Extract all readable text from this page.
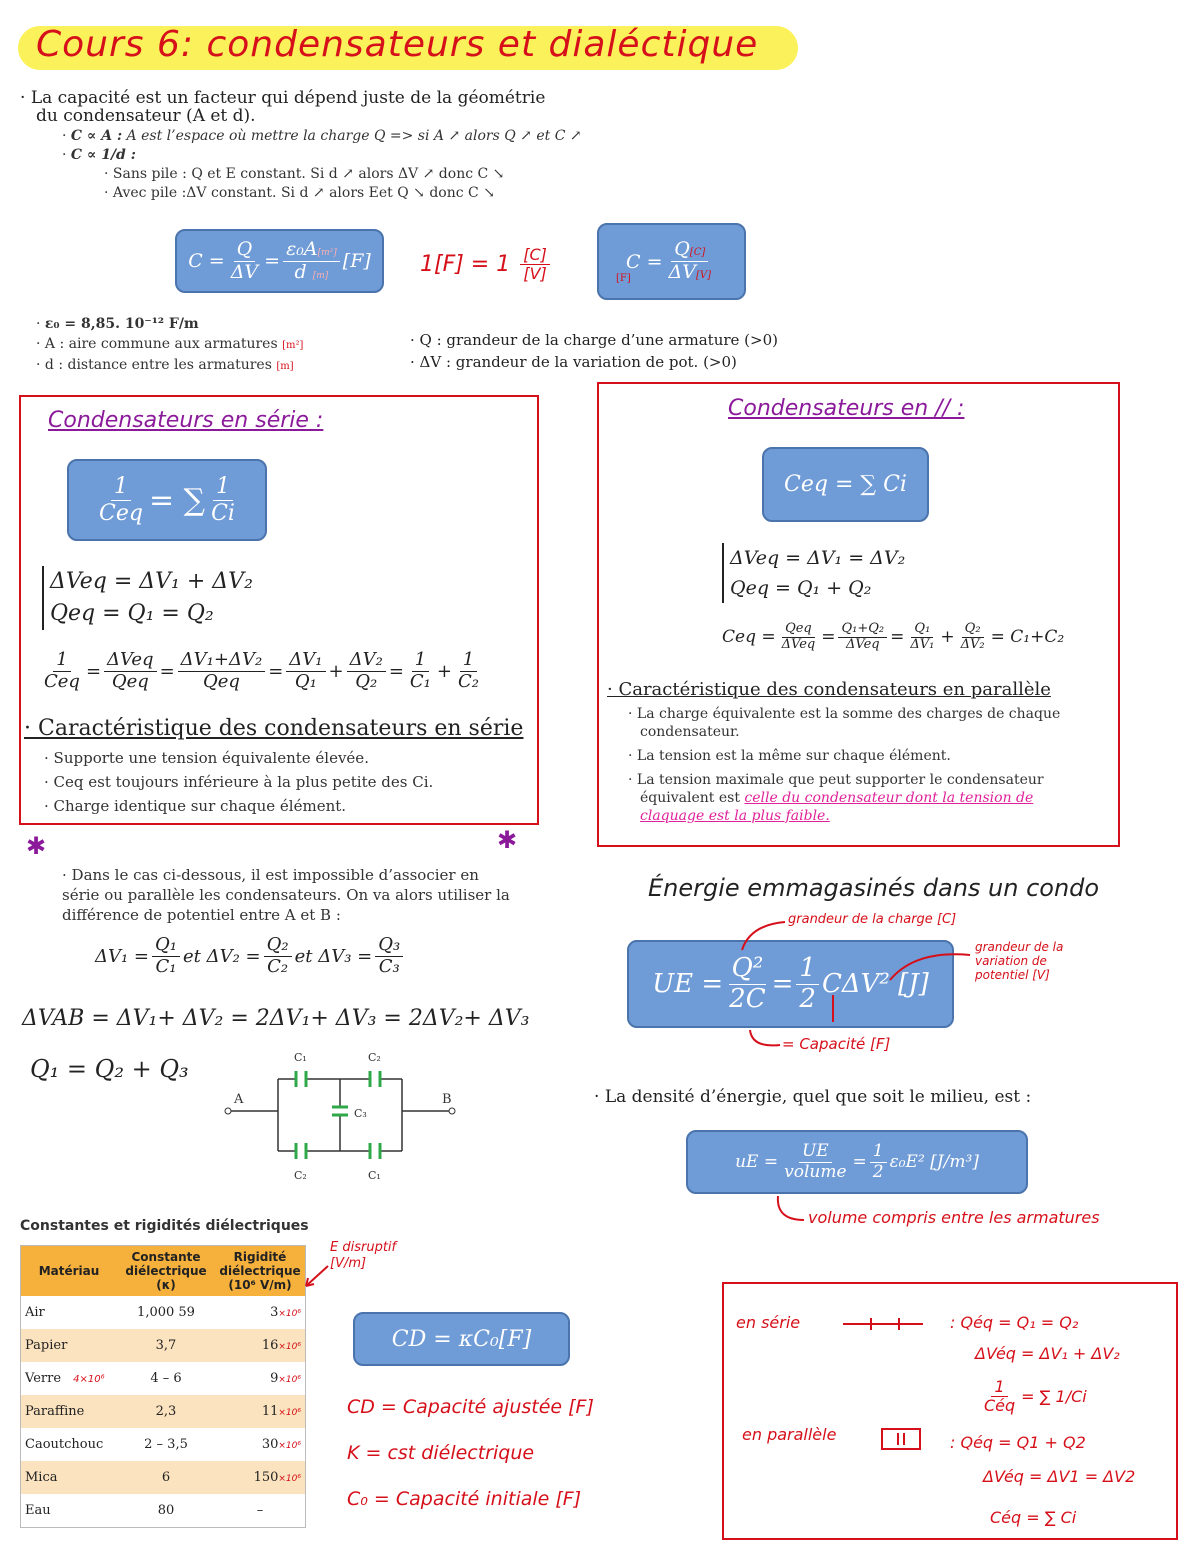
Cours 6: condensateurs et dialéctique
· La capacité est un facteur qui dépend juste de la géométrie
du condensateur (A et d).
· C ∝ A : A est l’espace où mettre la charge Q => si A ↗ alors Q ↗ et C ↗
· C ∝ 1/d :
· Sans pile : Q et E constant. Si d ↗ alors ΔV ↗ donc C ↘
· Avec pile :ΔV constant. Si d ↗ alors Eet Q ↘ donc C ↘
$C = \frac{Q}{\Delta V} = \frac{\text{ε₀A[m²]}}{d [m]} [F] 1[F] = 1 \frac{[C]}{[V]}$	C =
$[F] \frac{Q[C]}{\Delta V[V]}$
· ε₀ = 8,85. 10⁻¹² F/m
· A : aire commune aux armatures [m²]
· d : distance entre les armatures [m]
· Q : grandeur de la charge d’une armature (>0)
· ΔV : grandeur de la variation de pot. (>0)
Condensateurs en série :
$\frac{1}{\text{Ceq}}$ = ∑ $\frac{1}{Ci}$
ΔVeq = ΔV₁ + ΔV₂
Qeq = Q₁ = Q₂
$\frac{1}{\text{Ceq}} = \frac{\text{ΔVeq}}{\text{Qeq}} = \frac{\text{ΔV₁+ΔV₂}}{\text{Qeq}} = \frac{\text{ΔV₁}}{\text{Q₁}} + \frac{\text{ΔV₂}}{\text{Q₂}} = \frac{1}{\text{C₁}} + \frac{1}{\text{C₂}}$
· Caractéristique des condensateurs en série
· Supporte une tension équivalente élevée.
· Ceq est toujours inférieure à la plus petite des Ci.
· Charge identique sur chaque élément.
Condensateurs en // :
Ceq = ∑ Ci
ΔVeq = ΔV₁ = ΔV₂
Qeq = Q₁ + Q₂
Ceq = $\frac{\text{Qeq}}{\text{ΔVeq}} = \frac{\text{Q₁+Q₂}}{\text{ΔVeq}} = \frac{\text{Q₁}}{\text{ΔV₁}} + \frac{\text{Q₂}}{\text{ΔV₂}} = C_1+C_2$
· Caractéristique des condensateurs en parallèle
· La charge équivalente est la somme des charges de chaque condensateur.
· La tension est la même sur chaque élément.
· La tension maximale que peut supporter le condensateur équivalent est celle du condensateur dont la tension de claquage est la plus faible.
✱	✱
· Dans le cas ci-dessous, il est impossible d’associer en série ou parallèle les condensateurs. On va alors utiliser la différence de potentiel entre A et B :
$\Delta V_1 = \frac{\text{Q₁}}{\text{C₁}}$ et $\Delta V_2 = \frac{\text{Q₂}}{\text{C₂}}$ et $\Delta V_3 = \frac{\text{Q₃}}{\text{C₃}}$
ΔVAB = ΔV₁+ ΔV₂ = 2ΔV₁+ ΔV₃ = 2ΔV₂+ ΔV₃
Q₁ = Q₂ + Q₃
A	B
C₁	C₂
C₃
C₂	C₁
Énergie emmagasinés dans un condo
grandeur de la charge [C]
grandeur de la variation de potentiel [V]
UE = $\frac{\text{Q²}}{2C} = \frac{1}{2} C\Delta V^2$ [J]
= Capacité [F]
· La densité d’énergie, quel que soit le milieu, est :
uE = $\frac{UE}{\text{volume}} = \frac{1}{2} \varepsilon_0E^2$ [J/m³]
volume compris entre les armatures
Constantes et rigidités diélectriques
Matériau	Constante diélectrique (κ)	Rigidité diélectrique (10⁶ V/m)
Air	1,000 59	3×10⁶
Papier	3,7	16×10⁶
Verre 4×10⁶	4 – 6	9×10⁶
Paraffine	2,3	11×10⁶
Caoutchouc	2 – 3,5	30×10⁶
Mica	6	150×10⁶
Eau	80	–
E disruptif [V/m]
CD = κC₀[F]
CD = Capacité ajustée [F]
K = cst diélectrique
C₀ = Capacité initiale [F]
en série	: Qéq = Q₁ = Q₂
ΔVéq = ΔV₁ + ΔV₂
$\frac{1}{\text{Céq}}$ = ∑ 1/Ci
en parallèle	: Qéq = Q1 + Q2
ΔVéq = ΔV1 = ΔV2
Céq = ∑ Ci
